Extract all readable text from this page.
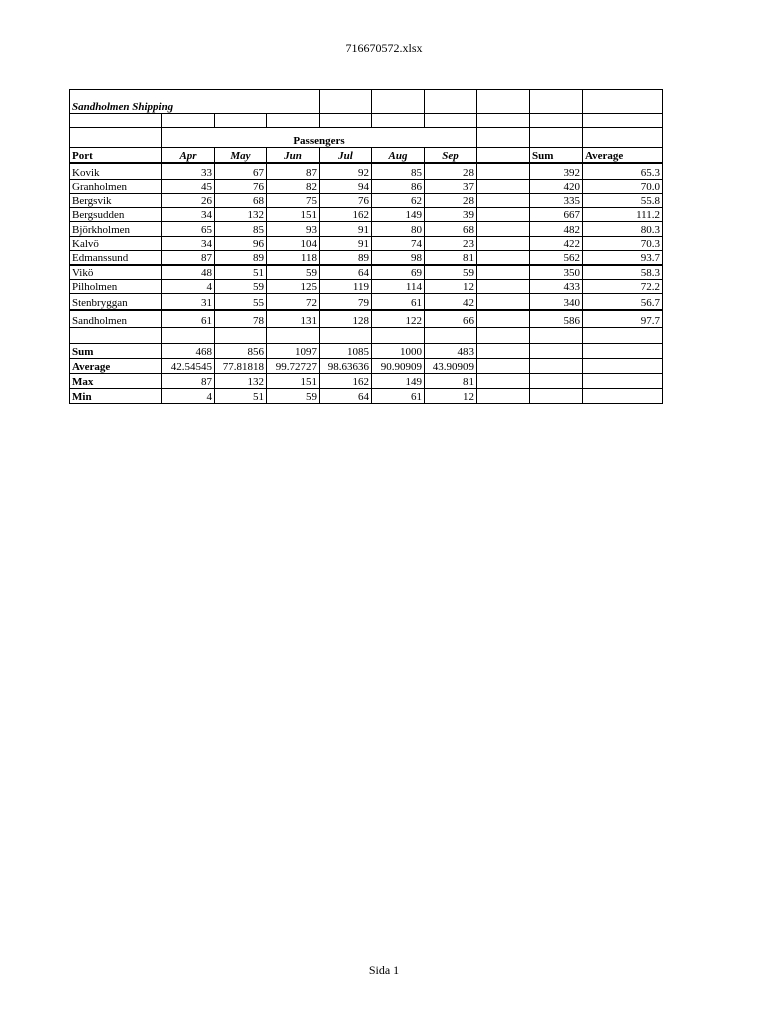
716670572.xlsx
Sandholmen Shipping									

	Passengers								
Port	Apr	May	Jun	Jul	Aug	Sep		Sum	Average
Kovik	33	67	87	92	85	28		392	65.3
Granholmen	45	76	82	94	86	37		420	70.0
Bergsvik	26	68	75	76	62	28		335	55.8
Bergsudden	34	132	151	162	149	39		667	111.2
Björkholmen	65	85	93	91	80	68		482	80.3
Kalvö	34	96	104	91	74	23		422	70.3
Edmanssund	87	89	118	89	98	81		562	93.7
Vikö	48	51	59	64	69	59		350	58.3
Pilholmen	4	59	125	119	114	12		433	72.2
Stenbryggan	31	55	72	79	61	42		340	56.7
Sandholmen	61	78	131	128	122	66		586	97.7

Sum	468	856	1097	1085	1000	483			
Average	42.54545	77.81818	99.72727	98.63636	90.90909	43.90909			
Max	87	132	151	162	149	81			
Min	4	51	59	64	61	12			
Sida 1
